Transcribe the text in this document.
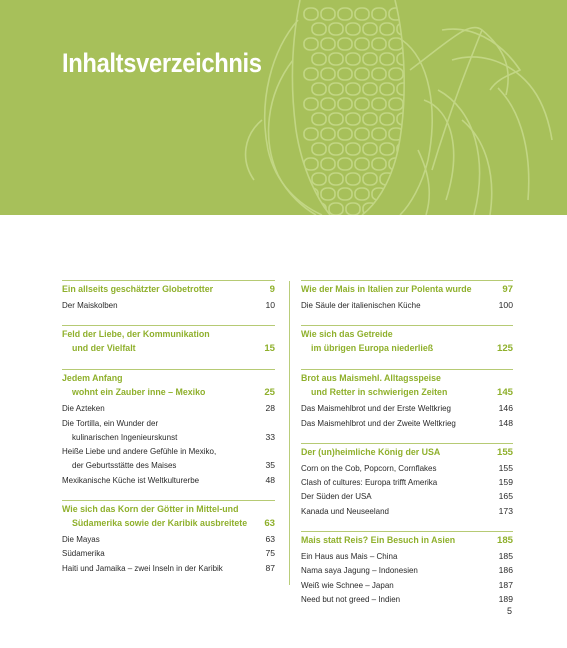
Inhaltsverzeichnis
Ein allseits geschätzter Globetrotter	9
Der Maiskolben	10
Feld der Liebe, der Kommunikation
und der Vielfalt	15
Jedem Anfang
wohnt ein Zauber inne – Mexiko	25
Die Azteken	28
Die Tortilla, ein Wunder der
kulinarischen Ingenieurskunst	33
Heiße Liebe und andere Gefühle in Mexiko,
der Geburtsstätte des Maises	35
Mexikanische Küche ist Weltkulturerbe	48
Wie sich das Korn der Götter in Mittel-und
Südamerika sowie der Karibik ausbreitete 63
Die Mayas	63
Südamerika	75
Haiti und Jamaika – zwei Inseln in der Karibik	87
Wie der Mais in Italien zur Polenta wurde	97
Die Säule der italienischen Küche	100
Wie sich das Getreide
im übrigen Europa niederließ	125
Brot aus Maismehl. Alltagsspeise
und Retter in schwierigen Zeiten	145
Das Maismehlbrot und der Erste Weltkrieg	146
Das Maismehlbrot und der Zweite Weltkrieg	148
Der (un)heimliche König der USA	155
Corn on the Cob, Popcorn, Cornflakes	155
Clash of cultures: Europa trifft Amerika	159
Der Süden der USA	165
Kanada und Neuseeland	173
Mais statt Reis? Ein Besuch in Asien	185
Ein Haus aus Mais – China	185
Nama saya Jagung – Indonesien	186
Weiß wie Schnee – Japan	187
Need but not greed – Indien	189
5
